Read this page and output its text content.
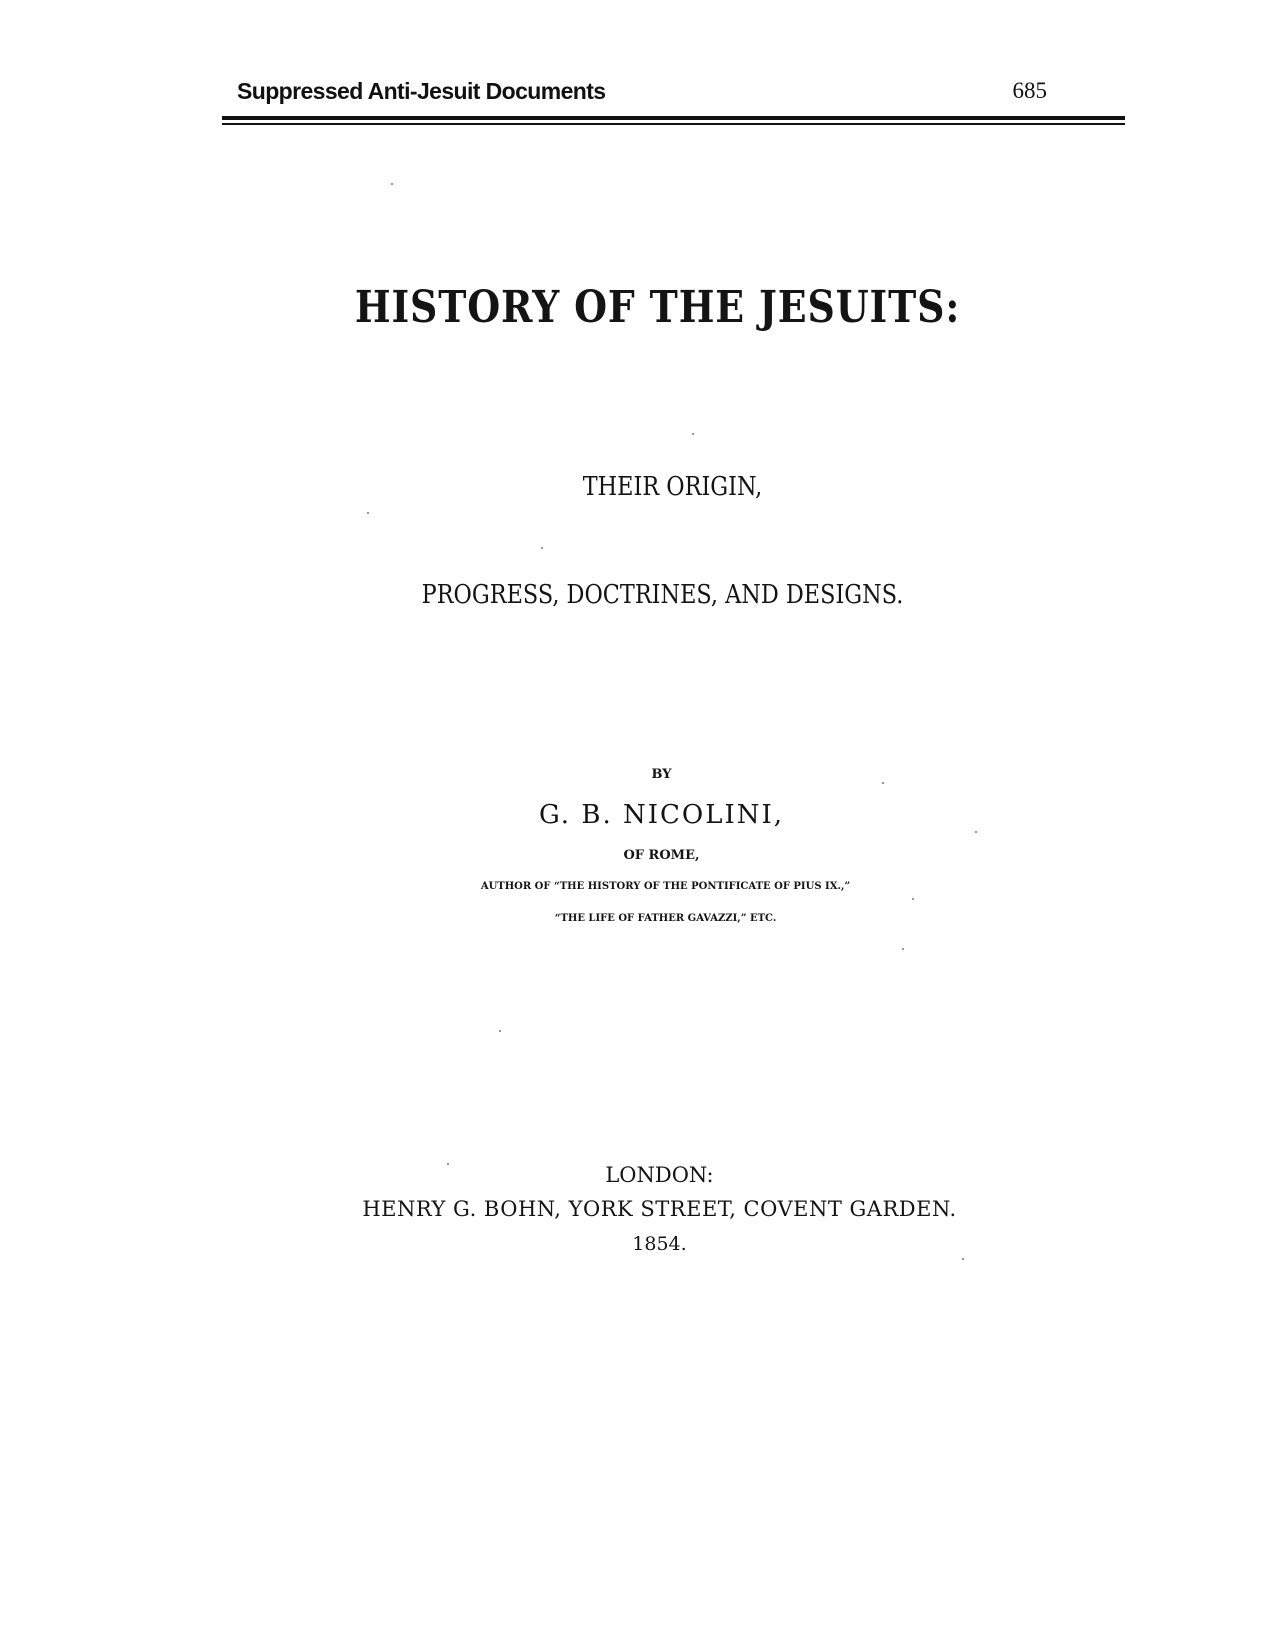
Suppressed Anti-Jesuit Documents	685
HISTORY OF THE JESUITS:
THEIR ORIGIN,
PROGRESS, DOCTRINES, AND DESIGNS.
BY
G. B. NICOLINI,
OF ROME,
AUTHOR OF “THE HISTORY OF THE PONTIFICATE OF PIUS IX.,”
“THE LIFE OF FATHER GAVAZZI,” ETC.
LONDON:
HENRY G. BOHN, YORK STREET, COVENT GARDEN.
1854.
